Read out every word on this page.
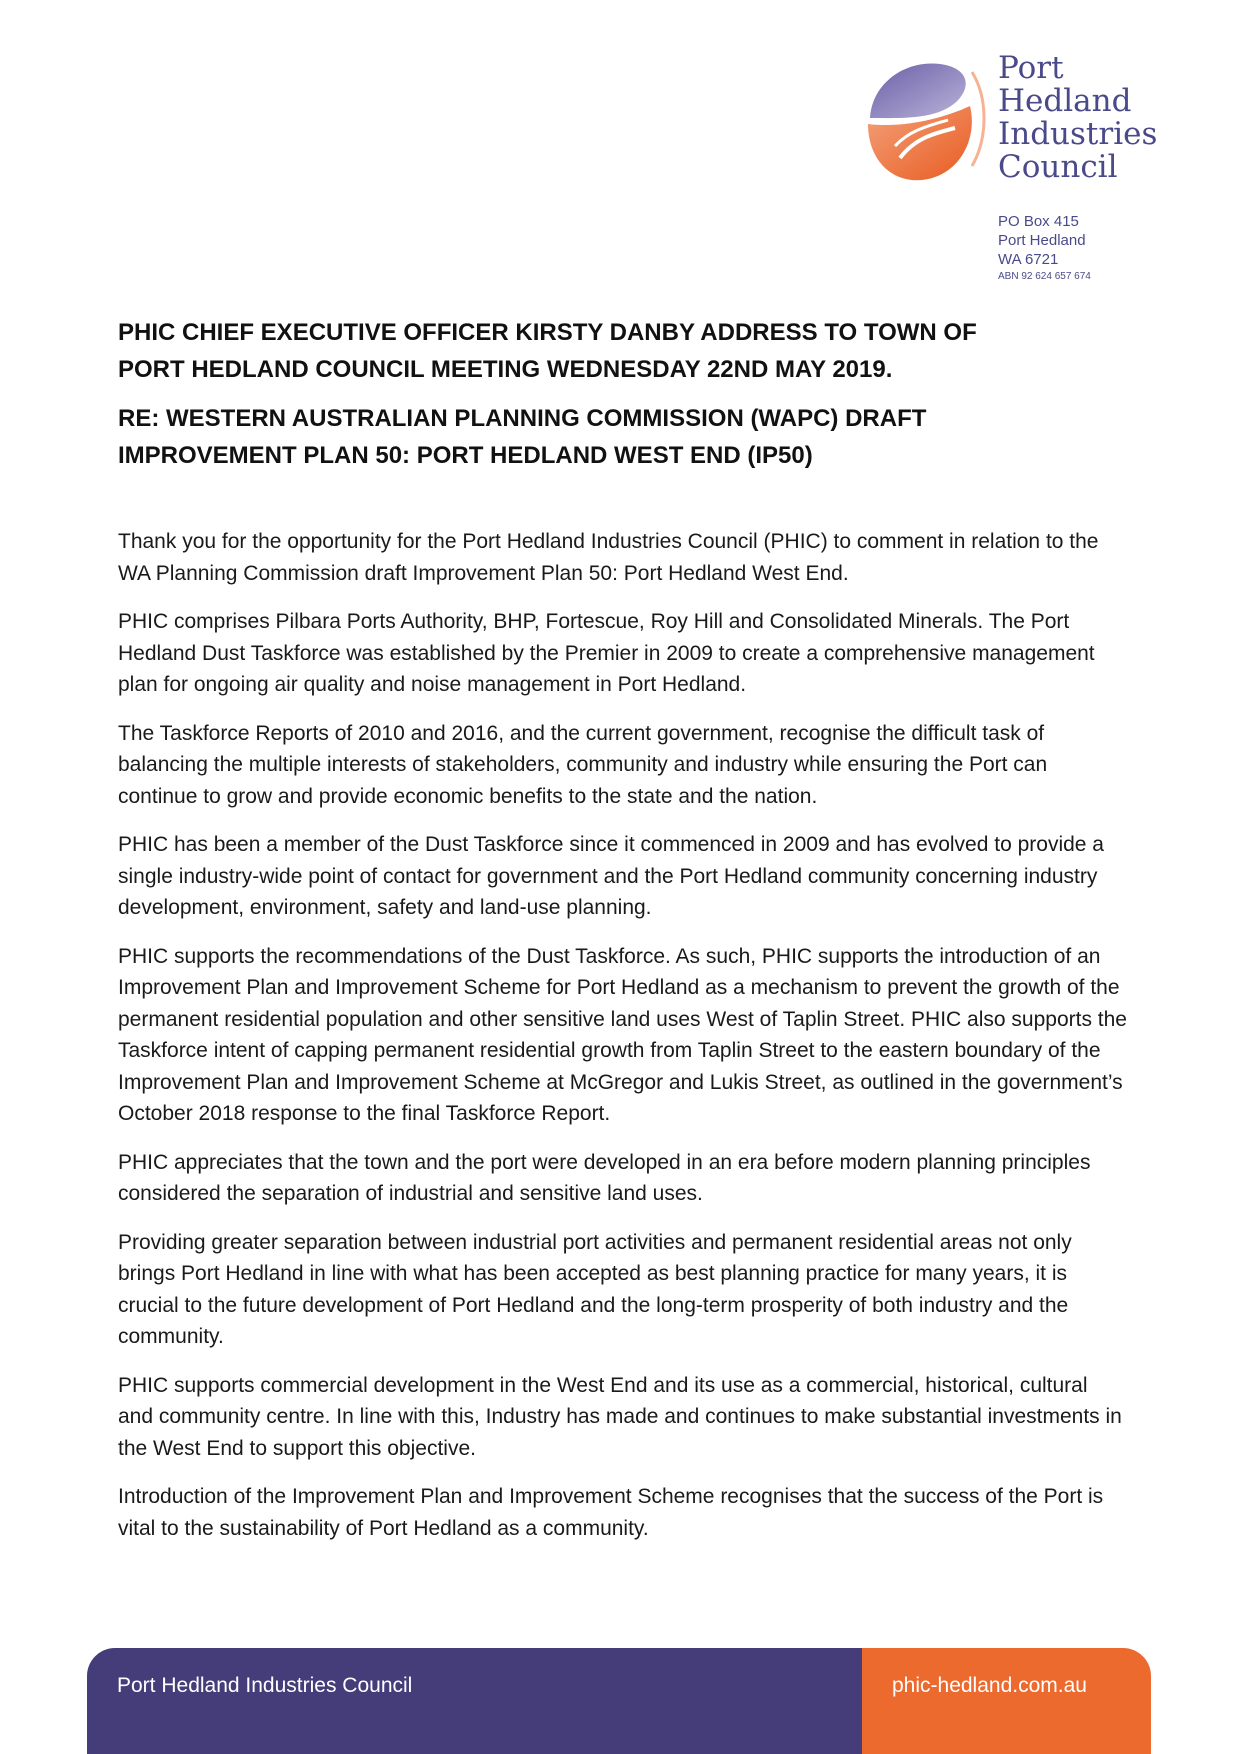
Port
Hedland
Industries
Council
PO Box 415
Port Hedland
WA 6721
ABN 92 624 657 674
PHIC CHIEF EXECUTIVE OFFICER KIRSTY DANBY ADDRESS TO TOWN OF
PORT HEDLAND COUNCIL MEETING WEDNESDAY 22ND MAY 2019.
RE: WESTERN AUSTRALIAN PLANNING COMMISSION (WAPC) DRAFT
IMPROVEMENT PLAN 50: PORT HEDLAND WEST END (IP50)

Thank you for the opportunity for the Port Hedland Industries Council (PHIC) to comment in relation to the WA Planning Commission draft Improvement Plan 50: Port Hedland West End.

PHIC comprises Pilbara Ports Authority, BHP, Fortescue, Roy Hill and Consolidated Minerals. The Port Hedland Dust Taskforce was established by the Premier in 2009 to create a comprehensive management plan for ongoing air quality and noise management in Port Hedland.

The Taskforce Reports of 2010 and 2016, and the current government, recognise the difficult task of balancing the multiple interests of stakeholders, community and industry while ensuring the Port can continue to grow and provide economic benefits to the state and the nation.

PHIC has been a member of the Dust Taskforce since it commenced in 2009 and has evolved to provide a single industry-wide point of contact for government and the Port Hedland community concerning industry development, environment, safety and land-use planning.

PHIC supports the recommendations of the Dust Taskforce. As such, PHIC supports the introduction of an Improvement Plan and Improvement Scheme for Port Hedland as a mechanism to prevent the growth of the permanent residential population and other sensitive land uses West of Taplin Street. PHIC also supports the Taskforce intent of capping permanent residential growth from Taplin Street to the eastern boundary of the Improvement Plan and Improvement Scheme at McGregor and Lukis Street, as outlined in the government’s October 2018 response to the final Taskforce Report.

PHIC appreciates that the town and the port were developed in an era before modern planning principles considered the separation of industrial and sensitive land uses.

Providing greater separation between industrial port activities and permanent residential areas not only brings Port Hedland in line with what has been accepted as best planning practice for many years, it is crucial to the future development of Port Hedland and the long-term prosperity of both industry and the community.

PHIC supports commercial development in the West End and its use as a commercial, historical, cultural and community centre. In line with this, Industry has made and continues to make substantial investments in the West End to support this objective.

Introduction of the Improvement Plan and Improvement Scheme recognises that the success of the Port is vital to the sustainability of Port Hedland as a community.

Port Hedland Industries Council	phic-hedland.com.au
